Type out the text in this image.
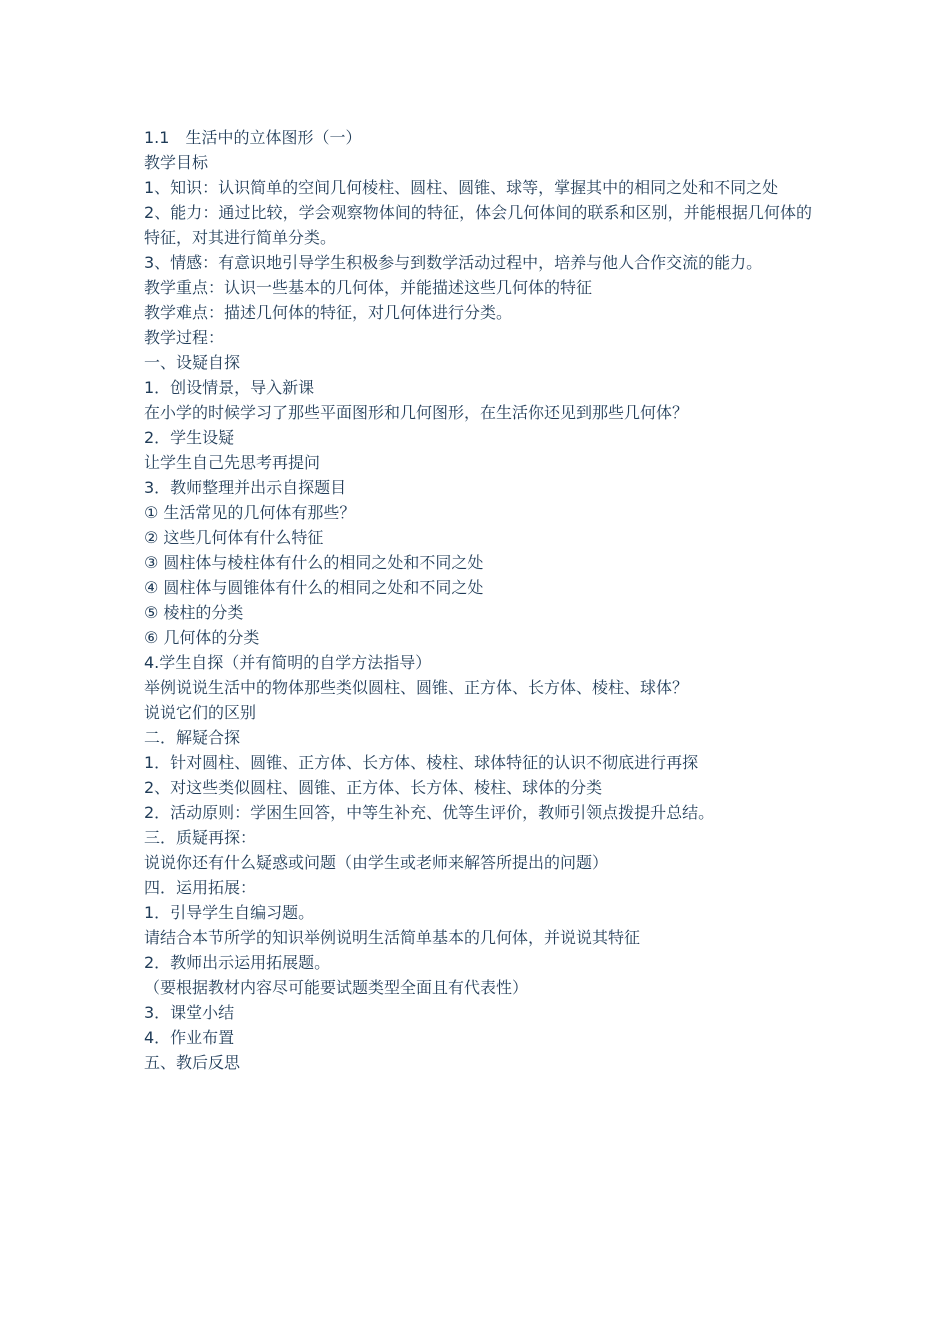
1.1　生活中的立体图形（一）
教学目标
1、知识：认识简单的空间几何棱柱、圆柱、圆锥、球等，掌握其中的相同之处和不同之处
2、能力：通过比较，学会观察物体间的特征，体会几何体间的联系和区别，并能根据几何体的特征，对其进行简单分类。
3、情感：有意识地引导学生积极参与到数学活动过程中，培养与他人合作交流的能力。
教学重点：认识一些基本的几何体，并能描述这些几何体的特征
教学难点：描述几何体的特征，对几何体进行分类。
教学过程：
一、设疑自探
1．创设情景，导入新课
在小学的时候学习了那些平面图形和几何图形，在生活你还见到那些几何体？
2．学生设疑
让学生自己先思考再提问
3．教师整理并出示自探题目
① 生活常见的几何体有那些？
② 这些几何体有什么特征
③ 圆柱体与棱柱体有什么的相同之处和不同之处
④ 圆柱体与圆锥体有什么的相同之处和不同之处
⑤ 棱柱的分类
⑥ 几何体的分类
4.学生自探（并有简明的自学方法指导）
举例说说生活中的物体那些类似圆柱、圆锥、正方体、长方体、棱柱、球体？
说说它们的区别
二．解疑合探
1．针对圆柱、圆锥、正方体、长方体、棱柱、球体特征的认识不彻底进行再探
2、对这些类似圆柱、圆锥、正方体、长方体、棱柱、球体的分类
2．活动原则：学困生回答，中等生补充、优等生评价，教师引领点拨提升总结。
三．质疑再探：
说说你还有什么疑惑或问题（由学生或老师来解答所提出的问题）
四．运用拓展：
1．引导学生自编习题。
请结合本节所学的知识举例说明生活简单基本的几何体，并说说其特征
2．教师出示运用拓展题。
（要根据教材内容尽可能要试题类型全面且有代表性）
3．课堂小结
4．作业布置
五、教后反思
